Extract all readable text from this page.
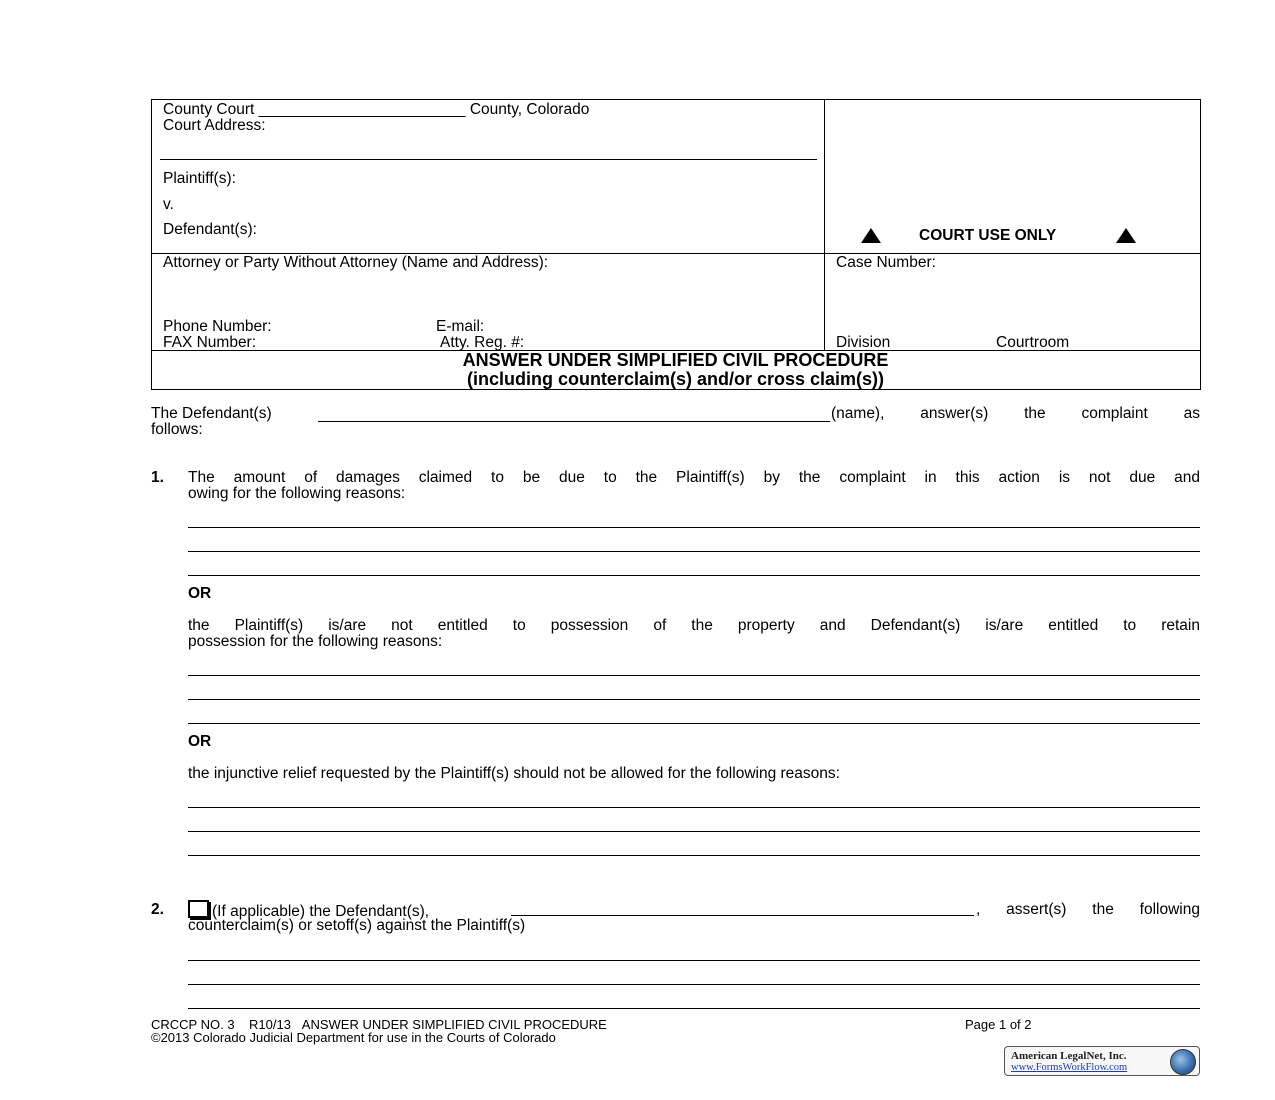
County Court ________________________ County, Colorado
Court Address:
Plaintiff(s):
v.
Defendant(s):	COURT USE ONLY
Attorney or Party Without Attorney (Name and Address):
Phone Number:	E-mail:
FAX Number:	Atty. Reg. #:
Case Number:
Division	Courtroom
ANSWER UNDER SIMPLIFIED CIVIL PROCEDURE
(including counterclaim(s) and/or cross claim(s))
The Defendant(s)	(name), answer(s) the complaint as
follows:
1. The amount of damages claimed to be due to the Plaintiff(s) by the complaint in this action is not due and
owing for the following reasons:
OR
the Plaintiff(s) is/are not entitled to possession of the property and Defendant(s) is/are entitled to retain
possession for the following reasons:
OR
the injunctive relief requested by the Plaintiff(s) should not be allowed for the following reasons:
2.	(If applicable) the Defendant(s),	, assert(s) the following
counterclaim(s) or setoff(s) against the Plaintiff(s)
CRCCP NO. 3 R10/13 ANSWER UNDER SIMPLIFIED CIVIL PROCEDURE	Page 1 of 2
©2013 Colorado Judicial Department for use in the Courts of Colorado
American LegalNet, Inc.
www.FormsWorkFlow.com
